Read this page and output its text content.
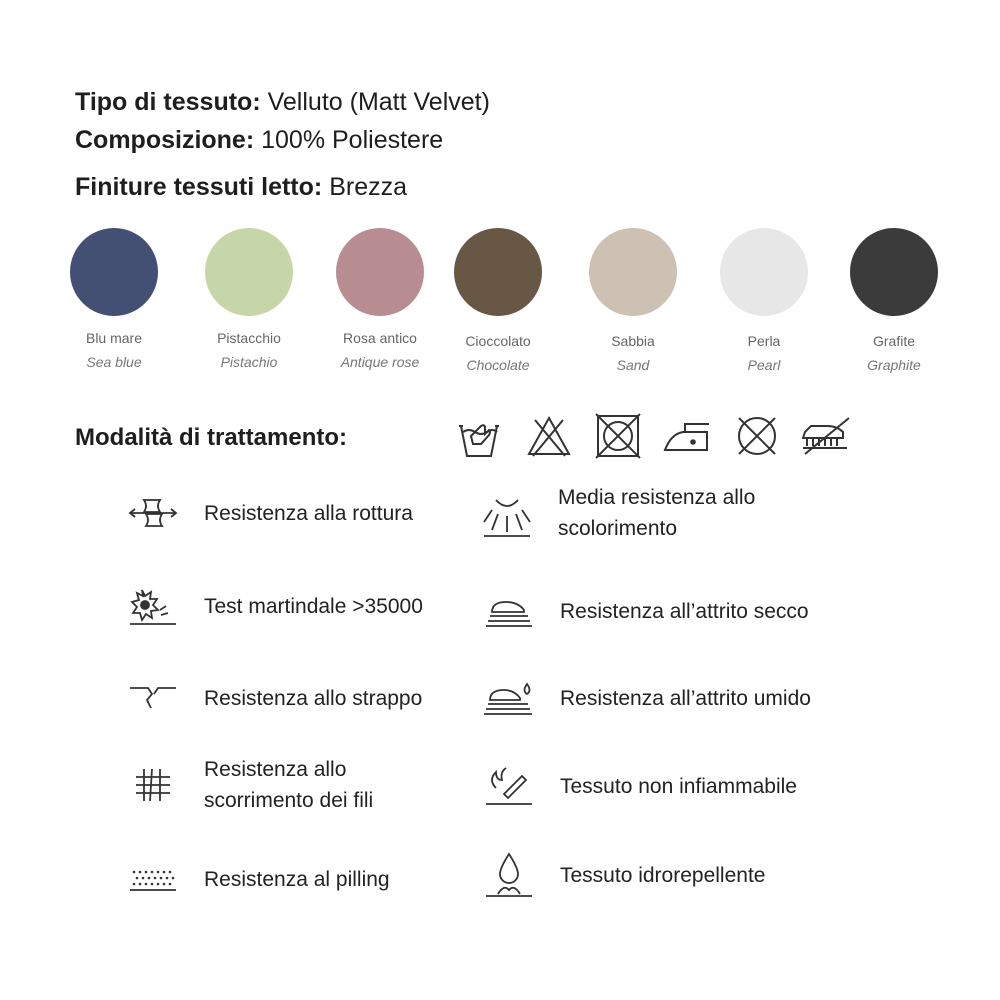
Tipo di tessuto: Velluto (Matt Velvet)
Composizione: 100% Poliestere
Finiture tessuti letto: Brezza
Blu mare
Sea blue
Pistacchio
Pistachio
Rosa antico
Antique rose
Cioccolato
Chocolate
Sabbia
Sand
Perla
Pearl
Grafite
Graphite
Modalità di trattamento:
Resistenza alla rottura
Test martindale >35000
Resistenza allo strappo
Resistenza allo scorrimento dei fili
Resistenza al pilling
Media resistenza allo scolorimento
Resistenza all’attrito secco
Resistenza all’attrito umido
Tessuto non infiammabile
Tessuto idrorepellente
